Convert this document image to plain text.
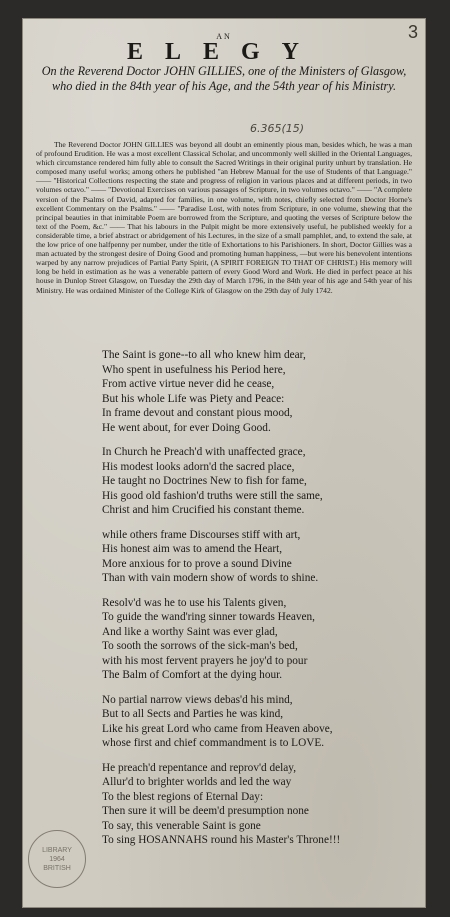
3
AN
ELEGY
On the Reverend Doctor JOHN GILLIES, one of the Ministers of Glasgow, who died in the 84th year of his Age, and the 54th year of his Ministry.
6.365(15)

The Reverend Doctor JOHN GILLIES was beyond all doubt an eminently pious man, besides which, he was a man of profound Erudition. He was a most excellent Classical Scholar, and uncommonly well skilled in the Oriental Languages, which circumstance rendered him fully able to consult the Sacred Writings in their original purity unhurt by translation. He composed many useful works; among others he published "an Hebrew Manual for the use of Students of that Language." —— "Historical Collections respecting the state and progress of religion in various places and at different periods, in two volumes octavo." —— "Devotional Exercises on various passages of Scripture, in two volumes octavo." —— "A complete version of the Psalms of David, adapted for families, in one volume, with notes, chiefly selected from Doctor Horne's excellent Commentary on the Psalms." —— "Paradise Lost, with notes from Scripture, in one volume, shewing that the principal beauties in that inimitable Poem are borrowed from the Scripture, and quoting the verses of Scripture below the text of the Poem, &c." —— That his labours in the Pulpit might be more extensively useful, he published weekly for a considerable time, a brief abstract or abridgement of his Lectures, in the size of a small pamphlet, and, to extend the sale, at the low price of one halfpenny per number, under the title of Exhortations to his Parishioners. In short, Doctor Gillies was a man actuated by the strongest desire of Doing Good and promoting human happiness, —but were his benevolent intentions warped by any narrow prejudices of Partial Party Spirit, (A SPIRIT FOREIGN TO THAT OF CHRIST.) His memory will long be held in estimation as he was a venerable pattern of every Good Word and Work. He died in perfect peace at his house in Dunlop Street Glasgow, on Tuesday the 29th day of March 1796, in the 84th year of his age and 54th year of his Ministry. He was ordained Minister of the College Kirk of Glasgow on the 29th day of July 1742.

The Saint is gone--to all who knew him dear,
Who spent in usefulness his Period here,
From active virtue never did he cease,
But his whole Life was Piety and Peace:
In frame devout and constant pious mood,
He went about, for ever Doing Good.
In Church he Preach'd with unaffected grace,
His modest looks adorn'd the sacred place,
He taught no Doctrines New to fish for fame,
His good old fashion'd truths were still the same,
Christ and him Crucified his constant theme.
while others frame Discourses stiff with art,
His honest aim was to amend the Heart,
More anxious for to prove a sound Divine
Than with vain modern show of words to shine.
Resolv'd was he to use his Talents given,
To guide the wand'ring sinner towards Heaven,
And like a worthy Saint was ever glad,
To sooth the sorrows of the sick-man's bed,
with his most fervent prayers he joy'd to pour
The Balm of Comfort at the dying hour.
No partial narrow views debas'd his mind,
But to all Sects and Parties he was kind,
Like his great Lord who came from Heaven above,
whose first and chief commandment is to LOVE.
He preach'd repentance and reprov'd delay,
Allur'd to brighter worlds and led the way
To the blest regions of Eternal Day:
Then sure it will be deem'd presumption none
To say, this venerable Saint is gone
To sing HOSANNAHS round his Master's Throne!!!
LIBRARY
1964
BRITISH
